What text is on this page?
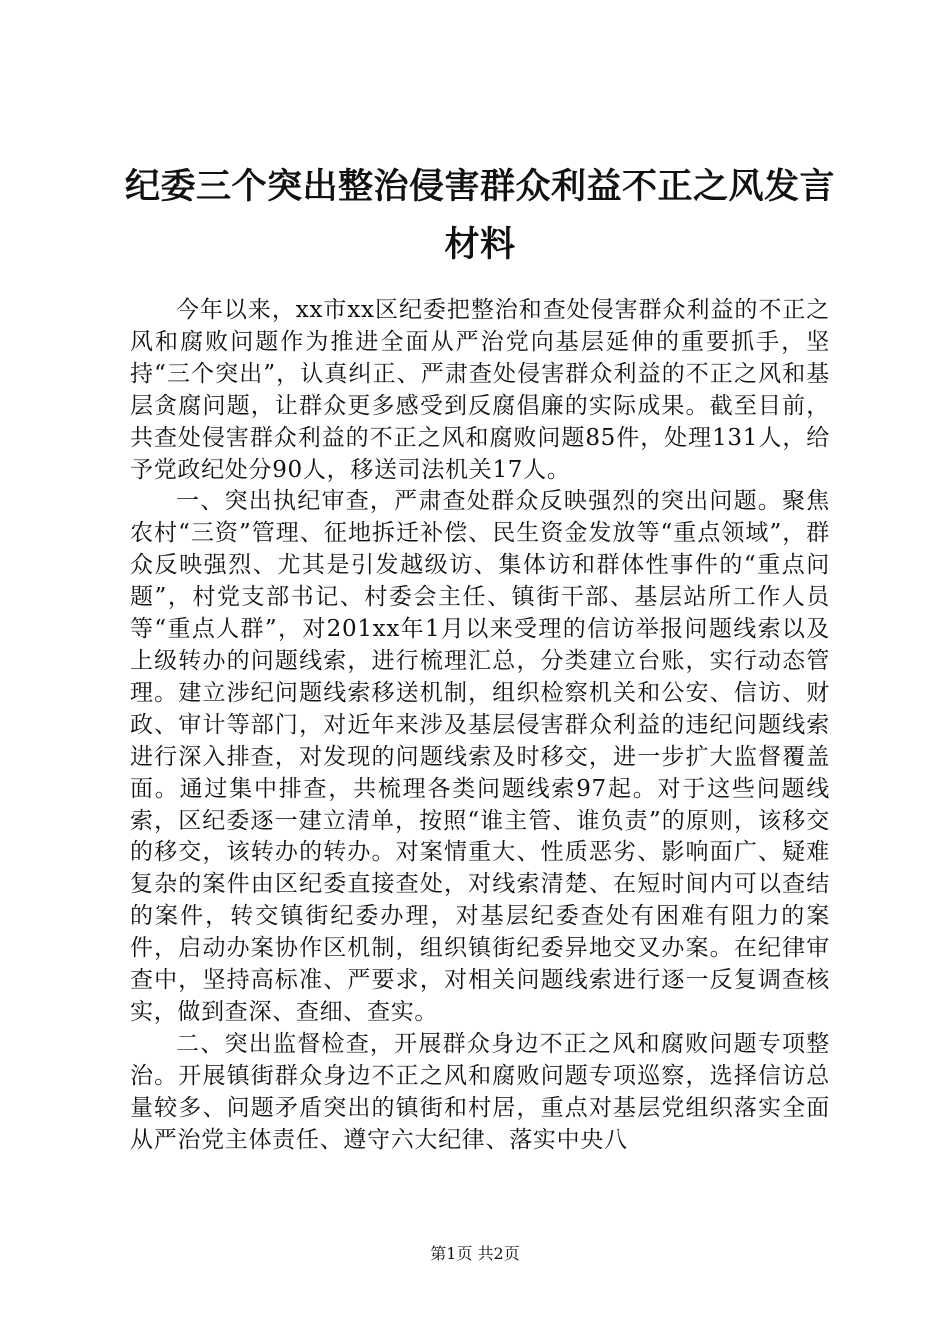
纪委三个突出整治侵害群众利益不正之风发言材料

今年以来，xx市xx区纪委把整治和查处侵害群众利益的不正之风和腐败问题作为推进全面从严治党向基层延伸的重要抓手，坚持“三个突出”，认真纠正、严肃查处侵害群众利益的不正之风和基层贪腐问题，让群众更多感受到反腐倡廉的实际成果。截至目前，共查处侵害群众利益的不正之风和腐败问题85件，处理131人，给予党政纪处分90人，移送司法机关17人。

一、突出执纪审查，严肃查处群众反映强烈的突出问题。聚焦农村“三资”管理、征地拆迁补偿、民生资金发放等“重点领域”，群众反映强烈、尤其是引发越级访、集体访和群体性事件的“重点问题”，村党支部书记、村委会主任、镇街干部、基层站所工作人员等“重点人群”，对201xx年1月以来受理的信访举报问题线索以及上级转办的问题线索，进行梳理汇总，分类建立台账，实行动态管理。建立涉纪问题线索移送机制，组织检察机关和公安、信访、财政、审计等部门，对近年来涉及基层侵害群众利益的违纪问题线索进行深入排查，对发现的问题线索及时移交，进一步扩大监督覆盖面。通过集中排查，共梳理各类问题线索97起。对于这些问题线索，区纪委逐一建立清单，按照“谁主管、谁负责”的原则，该移交的移交，该转办的转办。对案情重大、性质恶劣、影响面广、疑难复杂的案件由区纪委直接查处，对线索清楚、在短时间内可以查结的案件，转交镇街纪委办理，对基层纪委查处有困难有阻力的案件，启动办案协作区机制，组织镇街纪委异地交叉办案。在纪律审查中，坚持高标准、严要求，对相关问题线索进行逐一反复调查核实，做到查深、查细、查实。

二、突出监督检查，开展群众身边不正之风和腐败问题专项整治。开展镇街群众身边不正之风和腐败问题专项巡察，选择信访总量较多、问题矛盾突出的镇街和村居，重点对基层党组织落实全面从严治党主体责任、遵守六大纪律、落实中央八

第1页 共2页
